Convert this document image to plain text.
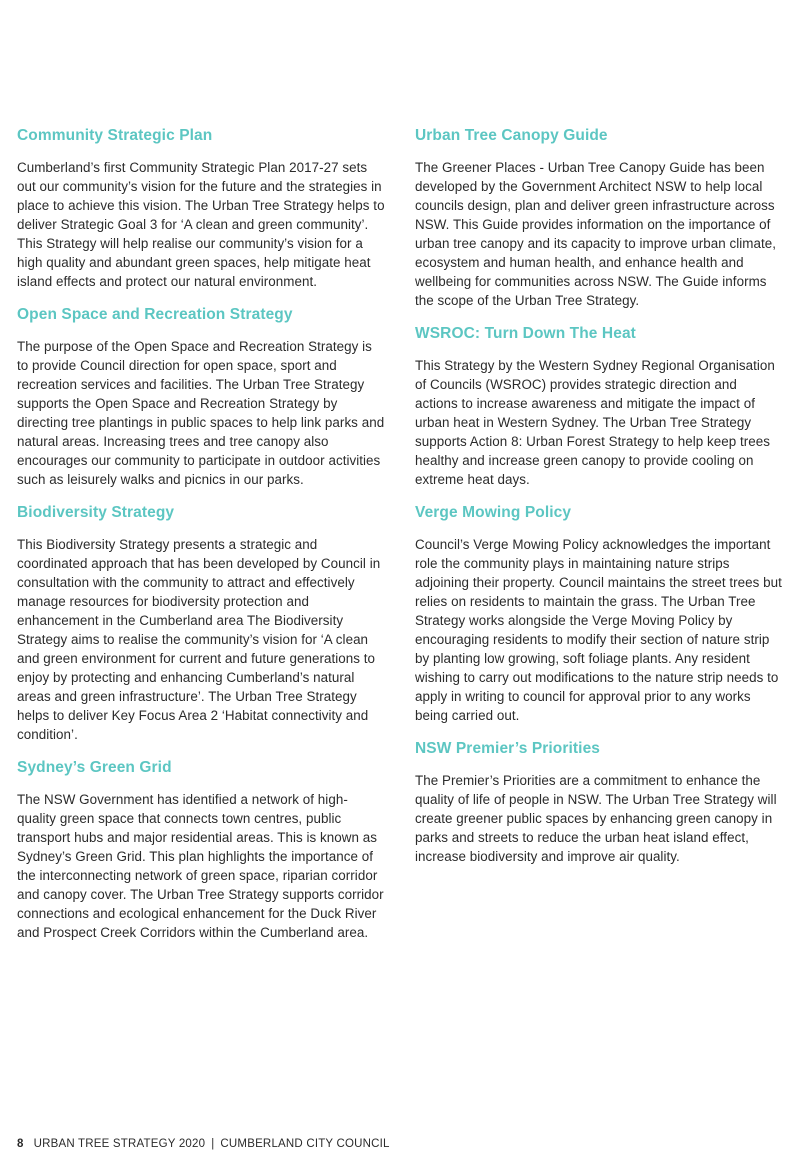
Community Strategic Plan

Cumberland’s first Community Strategic Plan 2017-27 sets out our community’s vision for the future and the strategies in place to achieve this vision. The Urban Tree Strategy helps to deliver Strategic Goal 3 for ‘A clean and green community’. This Strategy will help realise our community’s vision for a high quality and abundant green spaces, help mitigate heat island effects and protect our natural environment.

Open Space and Recreation Strategy

The purpose of the Open Space and Recreation Strategy is to provide Council direction for open space, sport and recreation services and facilities. The Urban Tree Strategy supports the Open Space and Recreation Strategy by directing tree plantings in public spaces to help link parks and natural areas. Increasing trees and tree canopy also encourages our community to participate in outdoor activities such as leisurely walks and picnics in our parks.

Biodiversity Strategy

This Biodiversity Strategy presents a strategic and coordinated approach that has been developed by Council in consultation with the community to attract and effectively manage resources for biodiversity protection and enhancement in the Cumberland area The Biodiversity Strategy aims to realise the community’s vision for ‘A clean and green environment for current and future generations to enjoy by protecting and enhancing Cumberland’s natural areas and green infrastructure’. The Urban Tree Strategy helps to deliver Key Focus Area 2 ‘Habitat connectivity and condition’.

Sydney’s Green Grid

The NSW Government has identified a network of high-quality green space that connects town centres, public transport hubs and major residential areas. This is known as Sydney’s Green Grid. This plan highlights the importance of the interconnecting network of green space, riparian corridor and canopy cover. The Urban Tree Strategy supports corridor connections and ecological enhancement for the Duck River and Prospect Creek Corridors within the Cumberland area.

Urban Tree Canopy Guide

The Greener Places - Urban Tree Canopy Guide has been developed by the Government Architect NSW to help local councils design, plan and deliver green infrastructure across NSW. This Guide provides information on the importance of urban tree canopy and its capacity to improve urban climate, ecosystem and human health, and enhance health and wellbeing for communities across NSW. The Guide informs the scope of the Urban Tree Strategy.

WSROC: Turn Down The Heat

This Strategy by the Western Sydney Regional Organisation of Councils (WSROC) provides strategic direction and actions to increase awareness and mitigate the impact of urban heat in Western Sydney. The Urban Tree Strategy supports Action 8: Urban Forest Strategy to help keep trees healthy and increase green canopy to provide cooling on extreme heat days.

Verge Mowing Policy

Council’s Verge Mowing Policy acknowledges the important role the community plays in maintaining nature strips adjoining their property. Council maintains the street trees but relies on residents to maintain the grass. The Urban Tree Strategy works alongside the Verge Moving Policy by encouraging residents to modify their section of nature strip by planting low growing, soft foliage plants. Any resident wishing to carry out modifications to the nature strip needs to apply in writing to council for approval prior to any works being carried out.

NSW Premier’s Priorities

The Premier’s Priorities are a commitment to enhance the quality of life of people in NSW. The Urban Tree Strategy will create greener public spaces by enhancing green canopy in parks and streets to reduce the urban heat island effect, increase biodiversity and improve air quality.

8 URBAN TREE STRATEGY 2020 | CUMBERLAND CITY COUNCIL
